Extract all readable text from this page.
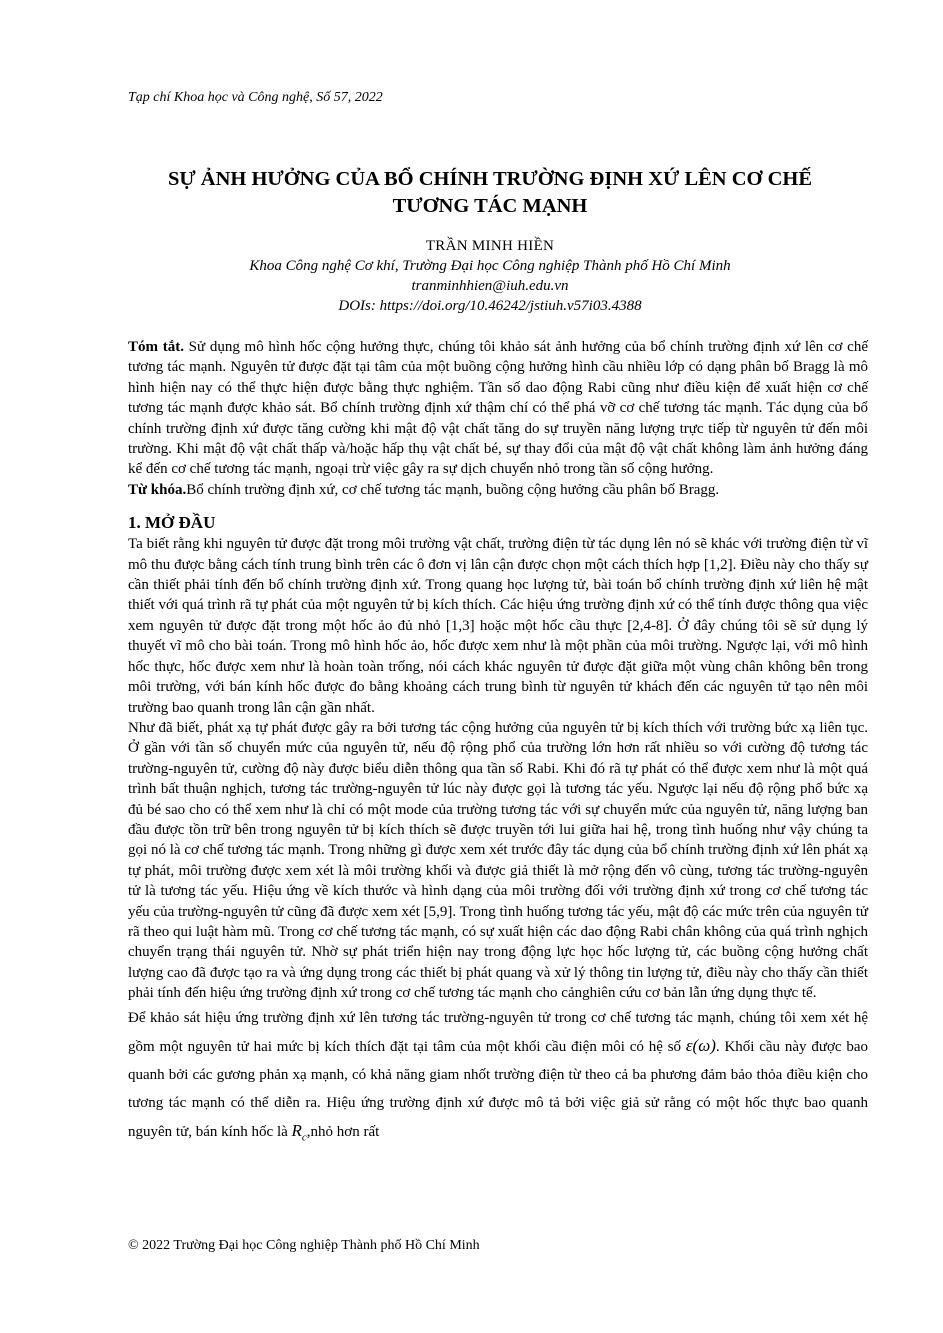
Tạp chí Khoa học và Công nghệ, Số 57, 2022
SỰ ẢNH HƯỞNG CỦA BỔ CHÍNH TRƯỜNG ĐỊNH XỨ LÊN CƠ CHẾ
TƯƠNG TÁC MẠNH
TRẦN MINH HIỀN
Khoa Công nghệ Cơ khí, Trường Đại học Công nghiệp Thành phố Hồ Chí Minh
tranminhhien@iuh.edu.vn
DOIs: https://doi.org/10.46242/jstiuh.v57i03.4388

Tóm tắt. Sử dụng mô hình hốc cộng hưởng thực, chúng tôi khảo sát ảnh hưởng của bổ chính trường định xứ lên cơ chế tương tác mạnh. Nguyên tử được đặt tại tâm của một buồng cộng hưởng hình cầu nhiều lớp có dạng phân bố Bragg là mô hình hiện nay có thể thực hiện được bằng thực nghiệm. Tần số dao động Rabi cũng như điều kiện để xuất hiện cơ chế tương tác mạnh được khảo sát. Bổ chính trường định xứ thậm chí có thể phá vỡ cơ chế tương tác mạnh. Tác dụng của bổ chính trường định xứ được tăng cường khi mật độ vật chất tăng do sự truyền năng lượng trực tiếp từ nguyên tử đến môi trường. Khi mật độ vật chất thấp và/hoặc hấp thụ vật chất bé, sự thay đổi của mật độ vật chất không làm ảnh hưởng đáng kể đến cơ chế tương tác mạnh, ngoại trừ việc gây ra sự dịch chuyển nhỏ trong tần số cộng hưởng.

Từ khóa.Bổ chính trường định xứ, cơ chế tương tác mạnh, buồng cộng hưởng cầu phân bố Bragg.

1. MỞ ĐẦU

Ta biết rằng khi nguyên tử được đặt trong môi trường vật chất, trường điện từ tác dụng lên nó sẽ khác với trường điện từ vĩ mô thu được bằng cách tính trung bình trên các ô đơn vị lân cận được chọn một cách thích hợp [1,2]. Điều này cho thấy sự cần thiết phải tính đến bổ chính trường định xứ. Trong quang học lượng tử, bài toán bổ chính trường định xứ liên hệ mật thiết với quá trình rã tự phát của một nguyên tử bị kích thích. Các hiệu ứng trường định xứ có thể tính được thông qua việc xem nguyên tử được đặt trong một hốc ảo đủ nhỏ [1,3] hoặc một hốc cầu thực [2,4-8]. Ở đây chúng tôi sẽ sử dụng lý thuyết vĩ mô cho bài toán. Trong mô hình hốc ảo, hốc được xem như là một phần của môi trường. Ngược lại, với mô hình hốc thực, hốc được xem như là hoàn toàn trống, nói cách khác nguyên tử được đặt giữa một vùng chân không bên trong môi trường, với bán kính hốc được đo bằng khoảng cách trung bình từ nguyên tử khách đến các nguyên tử tạo nên môi trường bao quanh trong lân cận gần nhất.

Như đã biết, phát xạ tự phát được gây ra bởi tương tác cộng hưởng của nguyên tử bị kích thích với trường bức xạ liên tục. Ở gần với tần số chuyển mức của nguyên tử, nếu độ rộng phổ của trường lớn hơn rất nhiều so với cường độ tương tác trường-nguyên tử, cường độ này được biểu diễn thông qua tần số Rabi. Khi đó rã tự phát có thể được xem như là một quá trình bất thuận nghịch, tương tác trường-nguyên tử lúc này được gọi là tương tác yếu. Ngược lại nếu độ rộng phổ bức xạ đủ bé sao cho có thể xem như là chỉ có một mode của trường tương tác với sự chuyển mức của nguyên tử, năng lượng ban đầu được tồn trữ bên trong nguyên tử bị kích thích sẽ được truyền tới lui giữa hai hệ, trong tình huống như vậy chúng ta gọi nó là cơ chế tương tác mạnh. Trong những gì được xem xét trước đây tác dụng của bổ chính trường định xứ lên phát xạ tự phát, môi trường được xem xét là môi trường khối và được giả thiết là mở rộng đến vô cùng, tương tác trường-nguyên tử là tương tác yếu. Hiệu ứng về kích thước và hình dạng của môi trường đối với trường định xứ trong cơ chế tương tác yếu của trường-nguyên tử cũng đã được xem xét [5,9]. Trong tình huống tương tác yếu, mật độ các mức trên của nguyên tử rã theo qui luật hàm mũ. Trong cơ chế tương tác mạnh, có sự xuất hiện các dao động Rabi chân không của quá trình nghịch chuyển trạng thái nguyên tử. Nhờ sự phát triển hiện nay trong động lực học hốc lượng tử, các buồng cộng hưởng chất lượng cao đã được tạo ra và ứng dụng trong các thiết bị phát quang và xử lý thông tin lượng tử, điều này cho thấy cần thiết phải tính đến hiệu ứng trường định xứ trong cơ chế tương tác mạnh cho cảnghiên cứu cơ bản lẫn ứng dụng thực tế.

Để khảo sát hiệu ứng trường định xứ lên tương tác trường-nguyên tử trong cơ chế tương tác mạnh, chúng tôi xem xét hệ gồm một nguyên tử hai mức bị kích thích đặt tại tâm của một khối cầu điện môi có hệ số ε(ω). Khối cầu này được bao quanh bởi các gương phản xạ mạnh, có khả năng giam nhốt trường điện từ theo cả ba phương đảm bảo thỏa điều kiện cho tương tác mạnh có thể diễn ra. Hiệu ứng trường định xứ được mô tả bởi việc giả sử rằng có một hốc thực bao quanh nguyên tử, bán kính hốc là $R_c,nhỏ$ hơn rất

© 2022 Trường Đại học Công nghiệp Thành phố Hồ Chí Minh
